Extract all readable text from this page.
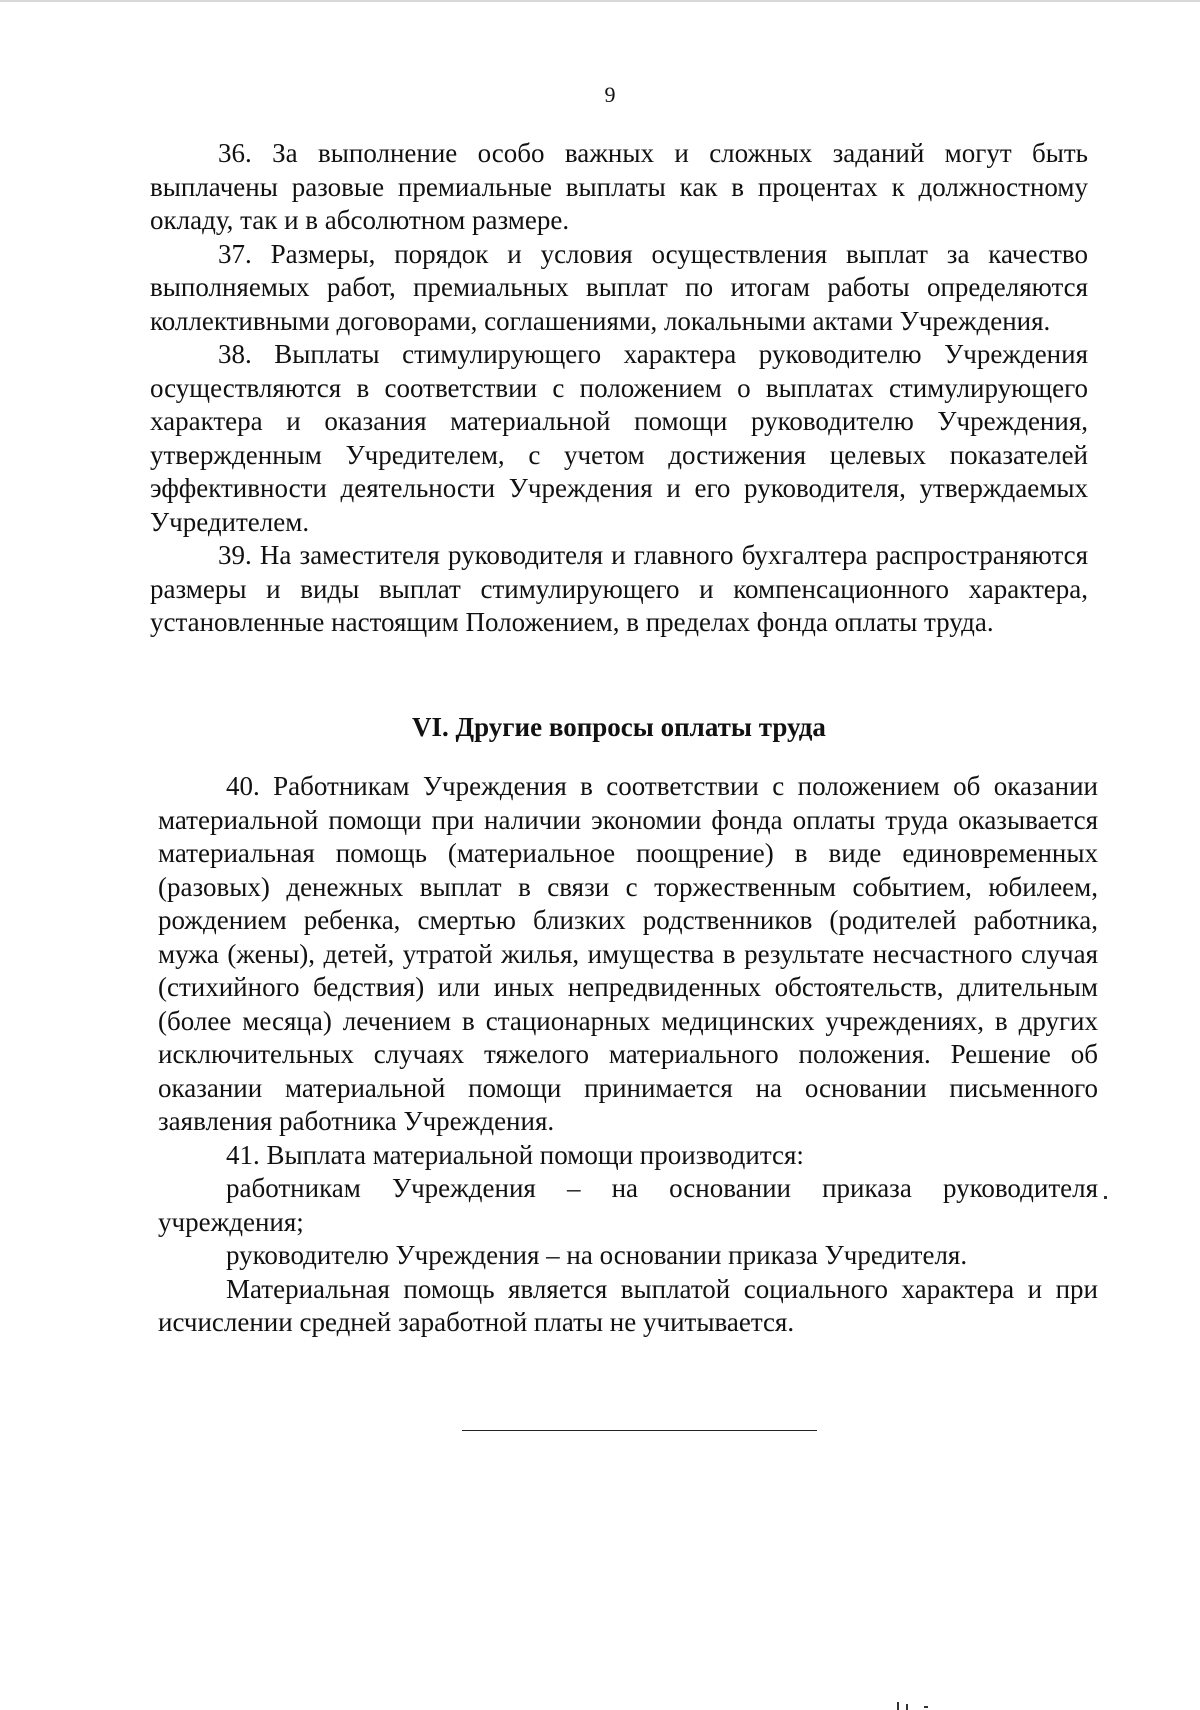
9

36. За выполнение особо важных и сложных заданий могут быть выплачены разовые премиальные выплаты как в процентах к должностному окладу, так и в абсолютном размере.

37. Размеры, порядок и условия осуществления выплат за качество выполняемых работ, премиальных выплат по итогам работы определяются коллективными договорами, соглашениями, локальными актами Учреждения.

38. Выплаты стимулирующего характера руководителю Учреждения осуществляются в соответствии с положением о выплатах стимулирующего характера и оказания материальной помощи руководителю Учреждения, утвержденным Учредителем, с учетом достижения целевых показателей эффективности деятельности Учреждения и его руководителя, утверждаемых Учредителем.

39. На заместителя руководителя и главного бухгалтера распространяются размеры и виды выплат стимулирующего и компенсационного характера, установленные настоящим Положением, в пределах фонда оплаты труда.

VI. Другие вопросы оплаты труда

40. Работникам Учреждения в соответствии с положением об оказании материальной помощи при наличии экономии фонда оплаты труда оказывается материальная помощь (материальное поощрение) в виде единовременных (разовых) денежных выплат в связи с торжественным событием, юбилеем, рождением ребенка, смертью близких родственников (родителей работника, мужа (жены), детей, утратой жилья, имущества в результате несчастного случая (стихийного бедствия) или иных непредвиденных обстоятельств, длительным (более месяца) лечением в стационарных медицинских учреждениях, в других исключительных случаях тяжелого материального положения. Решение об оказании материальной помощи принимается на основании письменного заявления работника Учреждения.

41. Выплата материальной помощи производится:

работникам Учреждения – на основании приказа руководителя учреждения;

руководителю Учреждения – на основании приказа Учредителя.

Материальная помощь является выплатой социального характера и при исчислении средней заработной платы не учитывается.
